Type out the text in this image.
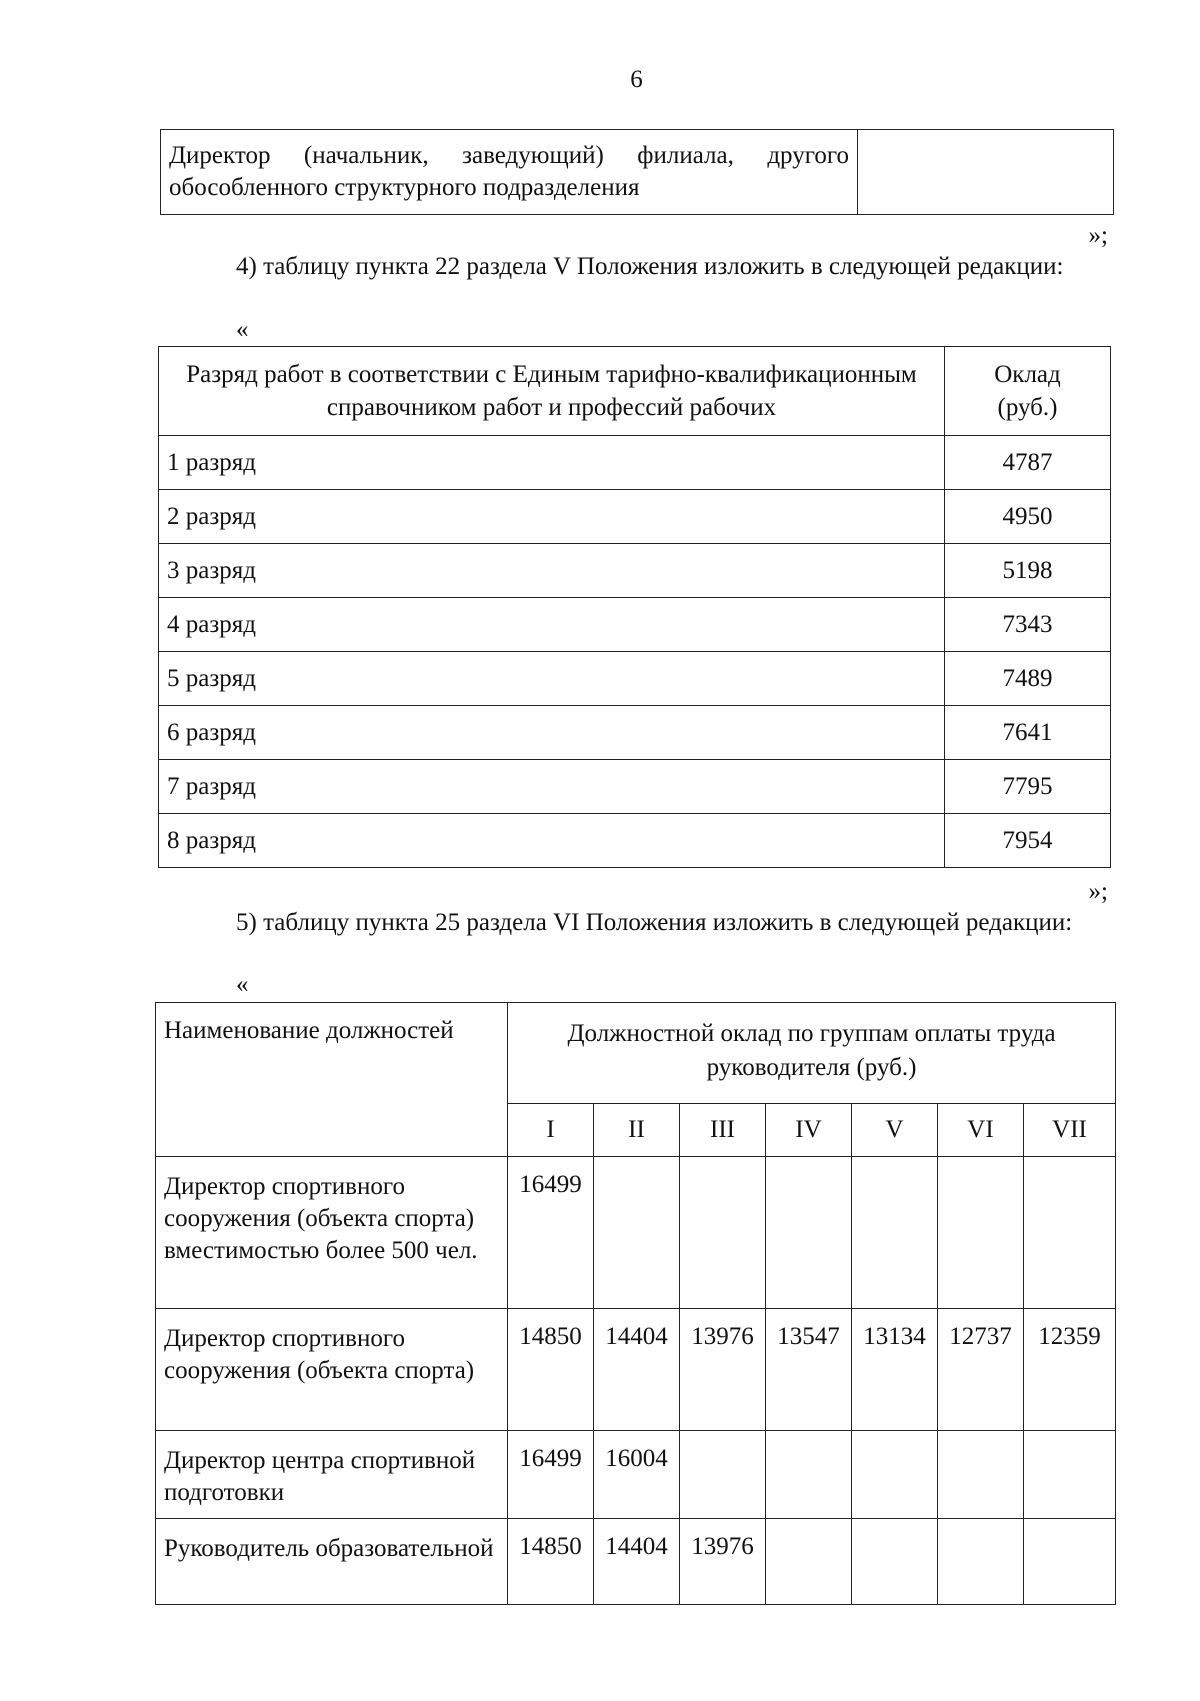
6
Директор (начальник, заведующий) филиала, другого обособленного структурного подразделения

»;
4) таблицу пункта 22 раздела V Положения изложить в следующей редакции:
«
Разряд работ в соответствии с Единым тарифно-квалификационным справочником работ и профессий рабочих	Оклад (руб.)
1 разряд	4787
2 разряд	4950
3 разряд	5198
4 разряд	7343
5 разряд	7489
6 разряд	7641
7 разряд	7795
8 разряд	7954
»;
5) таблицу пункта 25 раздела VI Положения изложить в следующей редакции:
«
Наименование должностей	Должностной оклад по группам оплаты труда руководителя (руб.)						
	I	II	III	IV	V	VI	VII
Директор спортивного сооружения (объекта спорта) вместимостью более 500 чел.	16499						
Директор спортивного сооружения (объекта спорта)	14850	14404	13976	13547	13134	12737	12359
Директор центра спортивной подготовки	16499	16004					
Руководитель образовательной	14850	14404	13976				
